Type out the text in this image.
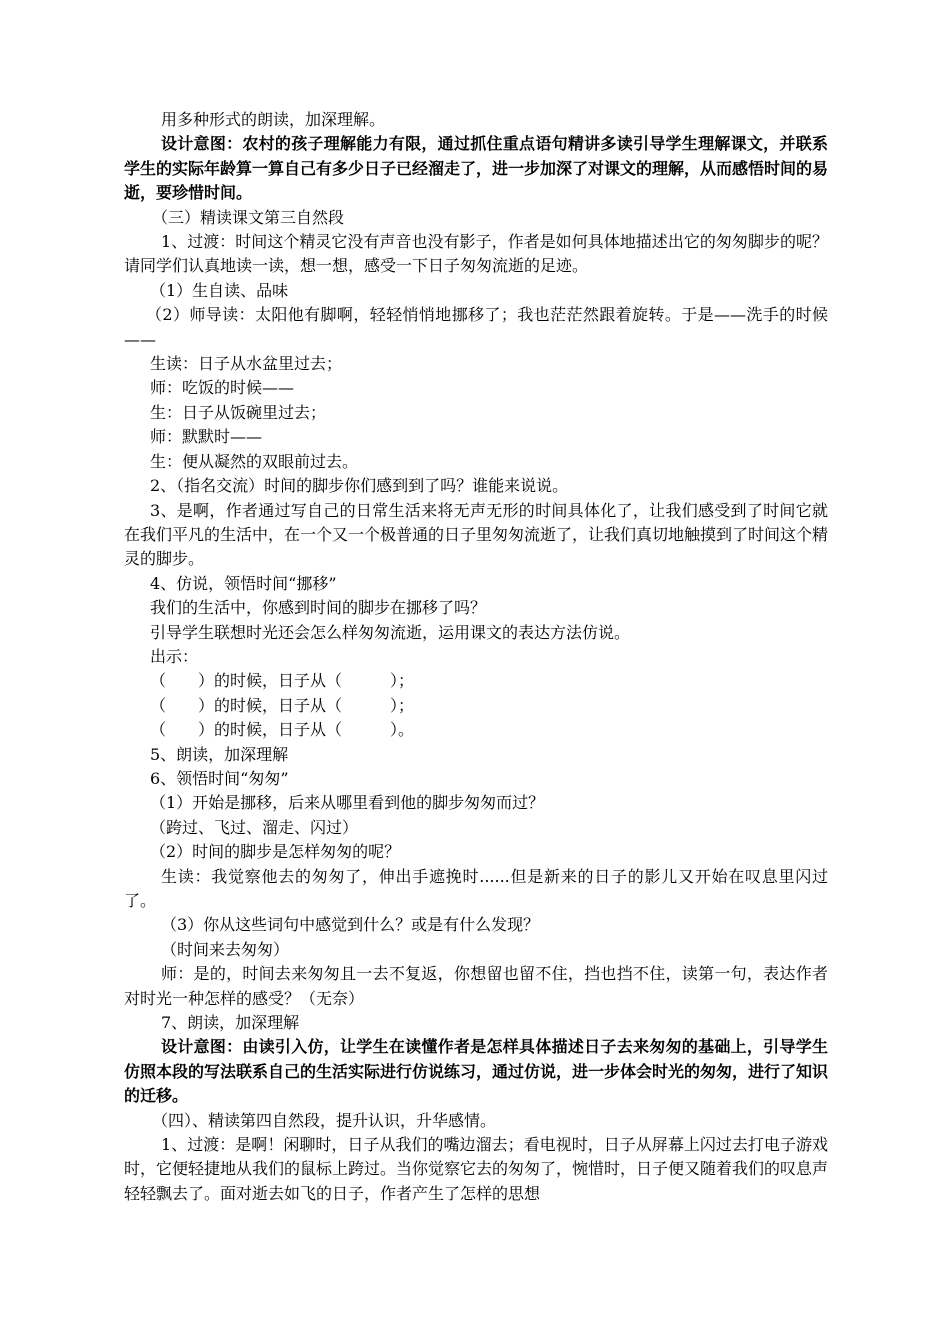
用多种形式的朗读，加深理解。

设计意图：农村的孩子理解能力有限，通过抓住重点语句精讲多读引导学生理解课文，并联系学生的实际年龄算一算自己有多少日子已经溜走了，进一步加深了对课文的理解，从而感悟时间的易逝，要珍惜时间。

（三）精读课文第三自然段

1、过渡：时间这个精灵它没有声音也没有影子，作者是如何具体地描述出它的匆匆脚步的呢？请同学们认真地读一读，想一想，感受一下日子匆匆流逝的足迹。

（1）生自读、品味

（2）师导读：太阳他有脚啊，轻轻悄悄地挪移了；我也茫茫然跟着旋转。于是——洗手的时候——

生读：日子从水盆里过去；

师：吃饭的时候——

生：日子从饭碗里过去；

师：默默时——

生：便从凝然的双眼前过去。

2、（指名交流）时间的脚步你们感到到了吗？谁能来说说。

3、是啊，作者通过写自己的日常生活来将无声无形的时间具体化了，让我们感受到了时间它就在我们平凡的生活中，在一个又一个极普通的日子里匆匆流逝了，让我们真切地触摸到了时间这个精灵的脚步。

4、仿说，领悟时间“挪移”

我们的生活中，你感到时间的脚步在挪移了吗？

引导学生联想时光还会怎么样匆匆流逝，运用课文的表达方法仿说。

出示：

（　　）的时候，日子从（　　　）；

（　　）的时候，日子从（　　　）；

（　　）的时候，日子从（　　　）。

5、朗读，加深理解

6、领悟时间“匆匆”

（1）开始是挪移，后来从哪里看到他的脚步匆匆而过？

（跨过、飞过、溜走、闪过）

（2）时间的脚步是怎样匆匆的呢？

生读：我觉察他去的匆匆了，伸出手遮挽时......但是新来的日子的影儿又开始在叹息里闪过了。

（3）你从这些词句中感觉到什么？或是有什么发现？

（时间来去匆匆）

师：是的，时间去来匆匆且一去不复返，你想留也留不住，挡也挡不住，读第一句，表达作者对时光一种怎样的感受？（无奈）

7、朗读，加深理解

设计意图：由读引入仿，让学生在读懂作者是怎样具体描述日子去来匆匆的基础上，引导学生仿照本段的写法联系自己的生活实际进行仿说练习，通过仿说，进一步体会时光的匆匆，进行了知识的迁移。

（四）、精读第四自然段，提升认识，升华感情。

1、过渡：是啊！闲聊时，日子从我们的嘴边溜去；看电视时，日子从屏幕上闪过去打电子游戏时，它便轻捷地从我们的鼠标上跨过。当你觉察它去的匆匆了，惋惜时，日子便又随着我们的叹息声轻轻飘去了。面对逝去如飞的日子，作者产生了怎样的思想
